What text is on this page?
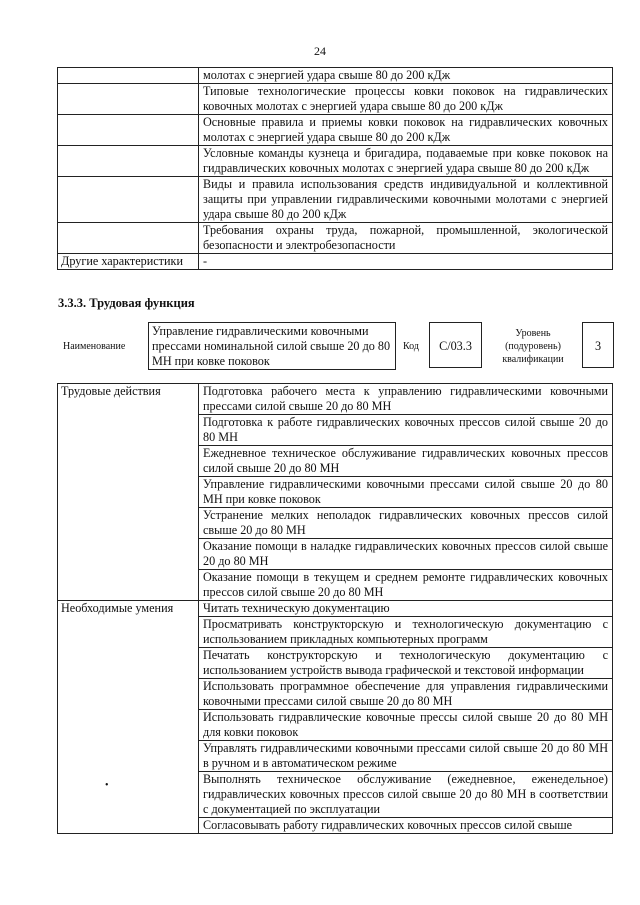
24
	молотах с энергией удара свыше 80 до 200 кДж
	Типовые технологические процессы ковки поковок на гидравлических ковочных молотах с энергией удара свыше 80 до 200 кДж
	Основные правила и приемы ковки поковок на гидравлических ковочных молотах с энергией удара свыше 80 до 200 кДж
	Условные команды кузнеца и бригадира, подаваемые при ковке поковок на гидравлических ковочных молотах с энергией удара свыше 80 до 200 кДж
	Виды и правила использования средств индивидуальной и коллективной защиты при управлении гидравлическими ковочными молотами с энергией удара свыше 80 до 200 кДж
	Требования охраны труда, пожарной, промышленной, экологической безопасности и электробезопасности
Другие характеристики	-
3.3.3. Трудовая функция
Наименование
Управление гидравлическими ковочными прессами номинальной силой свыше 20 до 80 МН при ковке поковок
Код	C/03.3
Уровень (подуровень) квалификации
3
Трудовые действия	Подготовка рабочего места к управлению гидравлическими ковочными прессами силой свыше 20 до 80 МН
	Подготовка к работе гидравлических ковочных прессов силой свыше 20 до 80 МН
	Ежедневное техническое обслуживание гидравлических ковочных прессов силой свыше 20 до 80 МН
	Управление гидравлическими ковочными прессами силой свыше 20 до 80 МН при ковке поковок
	Устранение мелких неполадок гидравлических ковочных прессов силой свыше 20 до 80 МН
	Оказание помощи в наладке гидравлических ковочных прессов силой свыше 20 до 80 МН
	Оказание помощи в текущем и среднем ремонте гидравлических ковочных прессов силой свыше 20 до 80 МН
Необходимые умения	Читать техническую документацию
	Просматривать конструкторскую и технологическую документацию с использованием прикладных компьютерных программ
	Печатать конструкторскую и технологическую документацию с использованием устройств вывода графической и текстовой информации
	Использовать программное обеспечение для управления гидравлическими ковочными прессами силой свыше 20 до 80 МН
	Использовать гидравлические ковочные прессы силой свыше 20 до 80 МН для ковки поковок
	Управлять гидравлическими ковочными прессами силой свыше 20 до 80 МН в ручном и в автоматическом режиме
	Выполнять техническое обслуживание (ежедневное, еженедельное) гидравлических ковочных прессов силой свыше 20 до 80 МН в соответствии с документацией по эксплуатации
	Согласовывать работу гидравлических ковочных прессов силой свыше
•
